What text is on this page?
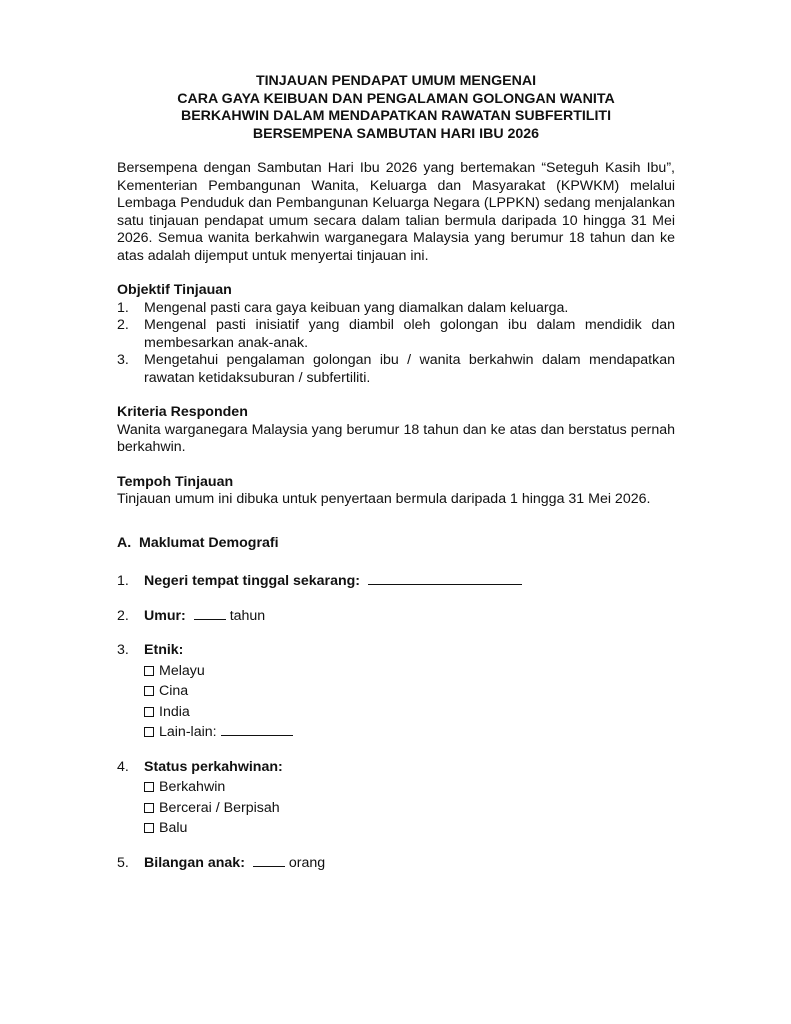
TINJAUAN PENDAPAT UMUM MENGENAI
CARA GAYA KEIBUAN DAN PENGALAMAN GOLONGAN WANITA
BERKAHWIN DALAM MENDAPATKAN RAWATAN SUBFERTILITI
BERSEMPENA SAMBUTAN HARI IBU 2026

Bersempena dengan Sambutan Hari Ibu 2026 yang bertemakan “Seteguh Kasih Ibu”, Kementerian Pembangunan Wanita, Keluarga dan Masyarakat (KPWKM) melalui Lembaga Penduduk dan Pembangunan Keluarga Negara (LPPKN) sedang menjalankan satu tinjauan pendapat umum secara dalam talian bermula daripada 10 hingga 31 Mei 2026. Semua wanita berkahwin warganegara Malaysia yang berumur 18 tahun dan ke atas adalah dijemput untuk menyertai tinjauan ini.

Objektif Tinjauan

1. Mengenal pasti cara gaya keibuan yang diamalkan dalam keluarga.
2. Mengenal pasti inisiatif yang diambil oleh golongan ibu dalam mendidik dan membesarkan anak-anak.
3. Mengetahui pengalaman golongan ibu / wanita berkahwin dalam mendapatkan rawatan ketidaksuburan / subfertiliti.

Kriteria Responden

Wanita warganegara Malaysia yang berumur 18 tahun dan ke atas dan berstatus pernah berkahwin.

Tempoh Tinjauan

Tinjauan umum ini dibuka untuk penyertaan bermula daripada 1 hingga 31 Mei 2026.

A. Maklumat Demografi
1. Negeri tempat tinggal sekarang:
2. Umur:	tahun
3. Etnik:
Melayu
Cina
India
Lain-lain:
4. Status perkahwinan:
Berkahwin
Bercerai / Berpisah
Balu
5. Bilangan anak:	orang
